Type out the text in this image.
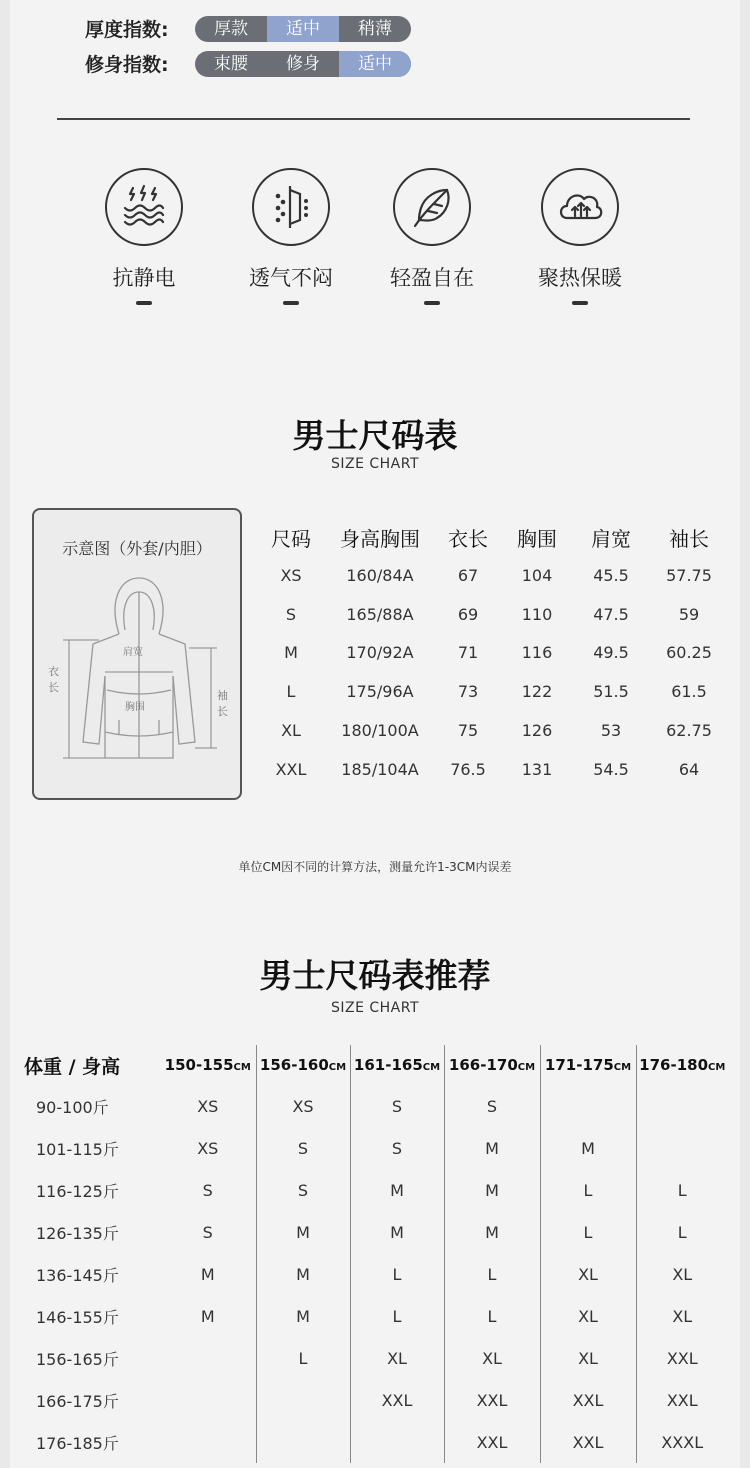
厚度指数:	厚款	适中	稍薄
修身指数:	束腰	修身	适中
抗静电	透气不闷	轻盈自在	聚热保暖
男士尺码表
SIZE CHART
示意图（外套/内胆）
衣长
袖长
肩宽
胸围
尺码	身高胸围	衣长	胸围	肩宽	袖长
XS	160/84A	67	104	45.5	57.75
S	165/88A	69	110	47.5	59
M	170/92A	71	116	49.5	60.25
L	175/96A	73	122	51.5	61.5
XL	180/100A	75	126	53	62.75
XXL	185/104A	76.5	131	54.5	64
单位CM因不同的计算方法，测量允许1-3CM内误差
男士尺码表推荐
SIZE CHART
体重 / 身高	150-155CM	156-160CM	161-165CM	166-170CM	171-175CM	176-180CM
90-100斤	XS	XS	S	S		
101-115斤	XS	S	S	M	M	
116-125斤	S	S	M	M	L	L
126-135斤	S	M	M	M	L	L
136-145斤	M	M	L	L	XL	XL
146-155斤	M	M	L	L	XL	XL
156-165斤		L	XL	XL	XL	XXL
166-175斤			XXL	XXL	XXL	XXL
176-185斤				XXL	XXL	XXXL
